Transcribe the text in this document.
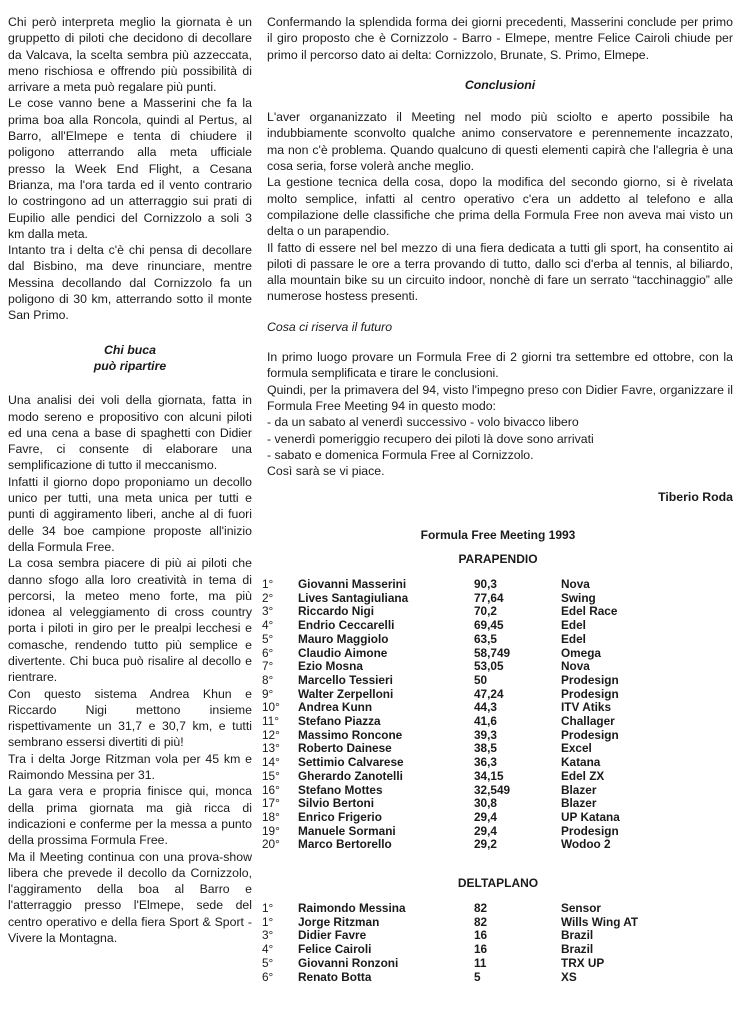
Chi però interpreta meglio la giornata è un gruppetto di piloti che decidono di decollare da Valcava, la scelta sembra più azzeccata, meno rischiosa e offrendo più possibilità di arrivare a meta può regalare più punti.

Le cose vanno bene a Masserini che fa la prima boa alla Roncola, quindi al Pertus, al Barro, all'Elmepe e tenta di chiudere il poligono atterrando alla meta ufficiale presso la Week End Flight, a Cesana Brianza, ma l'ora tarda ed il vento contrario lo costringono ad un atterraggio sui prati di Eupilio alle pendici del Cornizzolo a soli 3 km dalla meta.

Intanto tra i delta c'è chi pensa di decollare dal Bisbino, ma deve rinunciare, mentre Messina decollando dal Cornizzolo fa un poligono di 30 km, atterrando sotto il monte San Primo.

Chi buca
può ripartire

Una analisi dei voli della giornata, fatta in modo sereno e propositivo con alcuni piloti ed una cena a base di spaghetti con Didier Favre, ci consente di elaborare una semplificazione di tutto il meccanismo.

Infatti il giorno dopo proponiamo un decollo unico per tutti, una meta unica per tutti e punti di aggiramento liberi, anche al di fuori delle 34 boe campione proposte all'inizio della Formula Free.

La cosa sembra piacere di più ai piloti che danno sfogo alla loro creatività in tema di percorsi, la meteo meno forte, ma più idonea al veleggiamento di cross country porta i piloti in giro per le prealpi lecchesi e comasche, rendendo tutto più semplice e divertente. Chi buca può risalire al decollo e rientrare.

Con questo sistema Andrea Khun e Riccardo Nigi mettono insieme rispettivamente un 31,7 e 30,7 km, e tutti sembrano essersi divertiti di più!

Tra i delta Jorge Ritzman vola per 45 km e Raimondo Messina per 31.

La gara vera e propria finisce qui, monca della prima giornata ma già ricca di indicazioni e conferme per la messa a punto della prossima Formula Free.

Ma il Meeting continua con una prova-show libera che prevede il decollo da Cornizzolo, l'aggiramento della boa al Barro e l'atterraggio presso l'Elmepe, sede del centro operativo e della fiera Sport & Sport - Vivere la Montagna.

Confermando la splendida forma dei giorni precedenti, Masserini conclude per primo il giro proposto che è Cornizzolo - Barro - Elmepe, mentre Felice Cairoli chiude per primo il percorso dato ai delta: Cornizzolo, Brunate, S. Primo, Elmepe.

Conclusioni

L'aver organanizzato il Meeting nel modo più sciolto e aperto possibile ha indubbiamente sconvolto qualche animo conservatore e perennemente incazzato, ma non c'è problema. Quando qualcuno di questi elementi capirà che l'allegria è una cosa seria, forse volerà anche meglio.

La gestione tecnica della cosa, dopo la modifica del secondo giorno, si è rivelata molto semplice, infatti al centro operativo c'era un addetto al telefono e alla compilazione delle classifiche che prima della Formula Free non aveva mai visto un delta o un parapendio.

Il fatto di essere nel bel mezzo di una fiera dedicata a tutti gli sport, ha consentito ai piloti di passare le ore a terra provando di tutto, dallo sci d'erba al tennis, al biliardo, alla mountain bike su un circuito indoor, nonchè di fare un serrato “tacchinaggio” alle numerose hostess presenti.

Cosa ci riserva il futuro

In primo luogo provare un Formula Free di 2 giorni tra settembre ed ottobre, con la formula semplificata e tirare le conclusioni.

Quindi, per la primavera del 94, visto l'impegno preso con Didier Favre, organizzare il Formula Free Meeting 94 in questo modo:

- da un sabato al venerdì successivo - volo bivacco libero

- venerdì pomeriggio recupero dei piloti là dove sono arrivati

- sabato e domenica Formula Free al Cornizzolo.

Così sarà se vi piace.

Tiberio Roda
Formula Free Meeting 1993
PARAPENDIO
1°	Giovanni Masserini	90,3	Nova
2°	Lives Santagiuliana	77,64	Swing
3°	Riccardo Nigi	70,2	Edel Race
4°	Endrio Ceccarelli	69,45	Edel
5°	Mauro Maggiolo	63,5	Edel
6°	Claudio Aimone	58,749	Omega
7°	Ezio Mosna	53,05	Nova
8°	Marcello Tessieri	50	Prodesign
9°	Walter Zerpelloni	47,24	Prodesign
10°	Andrea Kunn	44,3	ITV Atiks
11°	Stefano Piazza	41,6	Challager
12°	Massimo Roncone	39,3	Prodesign
13°	Roberto Dainese	38,5	Excel
14°	Settimio Calvarese	36,3	Katana
15°	Gherardo Zanotelli	34,15	Edel ZX
16°	Stefano Mottes	32,549	Blazer
17°	Silvio Bertoni	30,8	Blazer
18°	Enrico Frigerio	29,4	UP Katana
19°	Manuele Sormani	29,4	Prodesign
20°	Marco Bertorello	29,2	Wodoo 2
DELTAPLANO
1°	Raimondo Messina	82	Sensor
1°	Jorge Ritzman	82	Wills Wing AT
3°	Didier Favre	16	Brazil
4°	Felice Cairoli	16	Brazil
5°	Giovanni Ronzoni	11	TRX UP
6°	Renato Botta	5	XS
